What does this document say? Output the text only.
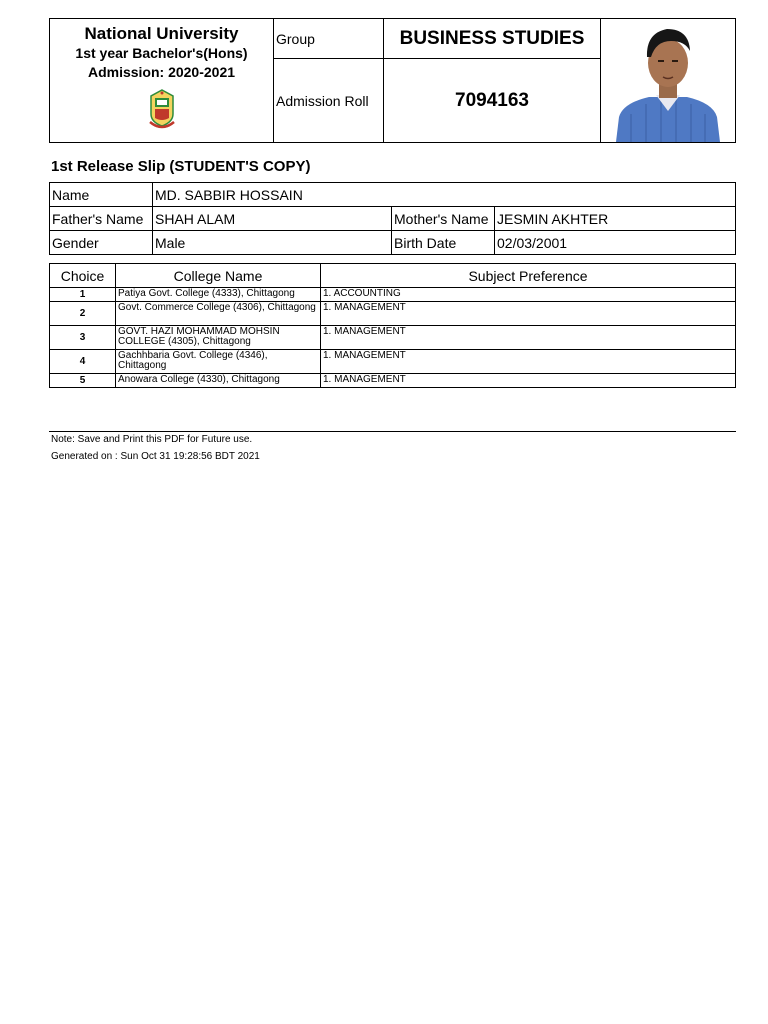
National University
1st year Bachelor's(Hons)
Admission: 2020-2021	Group	BUSINESS STUDIES	

	Admission Roll	7094163	
1st Release Slip (STUDENT'S COPY)
Name	MD. SABBIR HOSSAIN		
Father's Name	SHAH ALAM	Mother's Name	JESMIN AKHTER
Gender	Male	Birth Date	02/03/2001
Choice	College Name	Subject Preference
1	Patiya Govt. College (4333), Chittagong	1. ACCOUNTING
2	Govt. Commerce College (4306), Chittagong	1. MANAGEMENT
3	GOVT. HAZI MOHAMMAD MOHSIN COLLEGE (4305), Chittagong	1. MANAGEMENT
4	Gachhbaria Govt. College (4346), Chittagong	1. MANAGEMENT
5	Anowara College (4330), Chittagong	1. MANAGEMENT
Note: Save and Print this PDF for Future use.
Generated on : Sun Oct 31 19:28:56 BDT 2021
